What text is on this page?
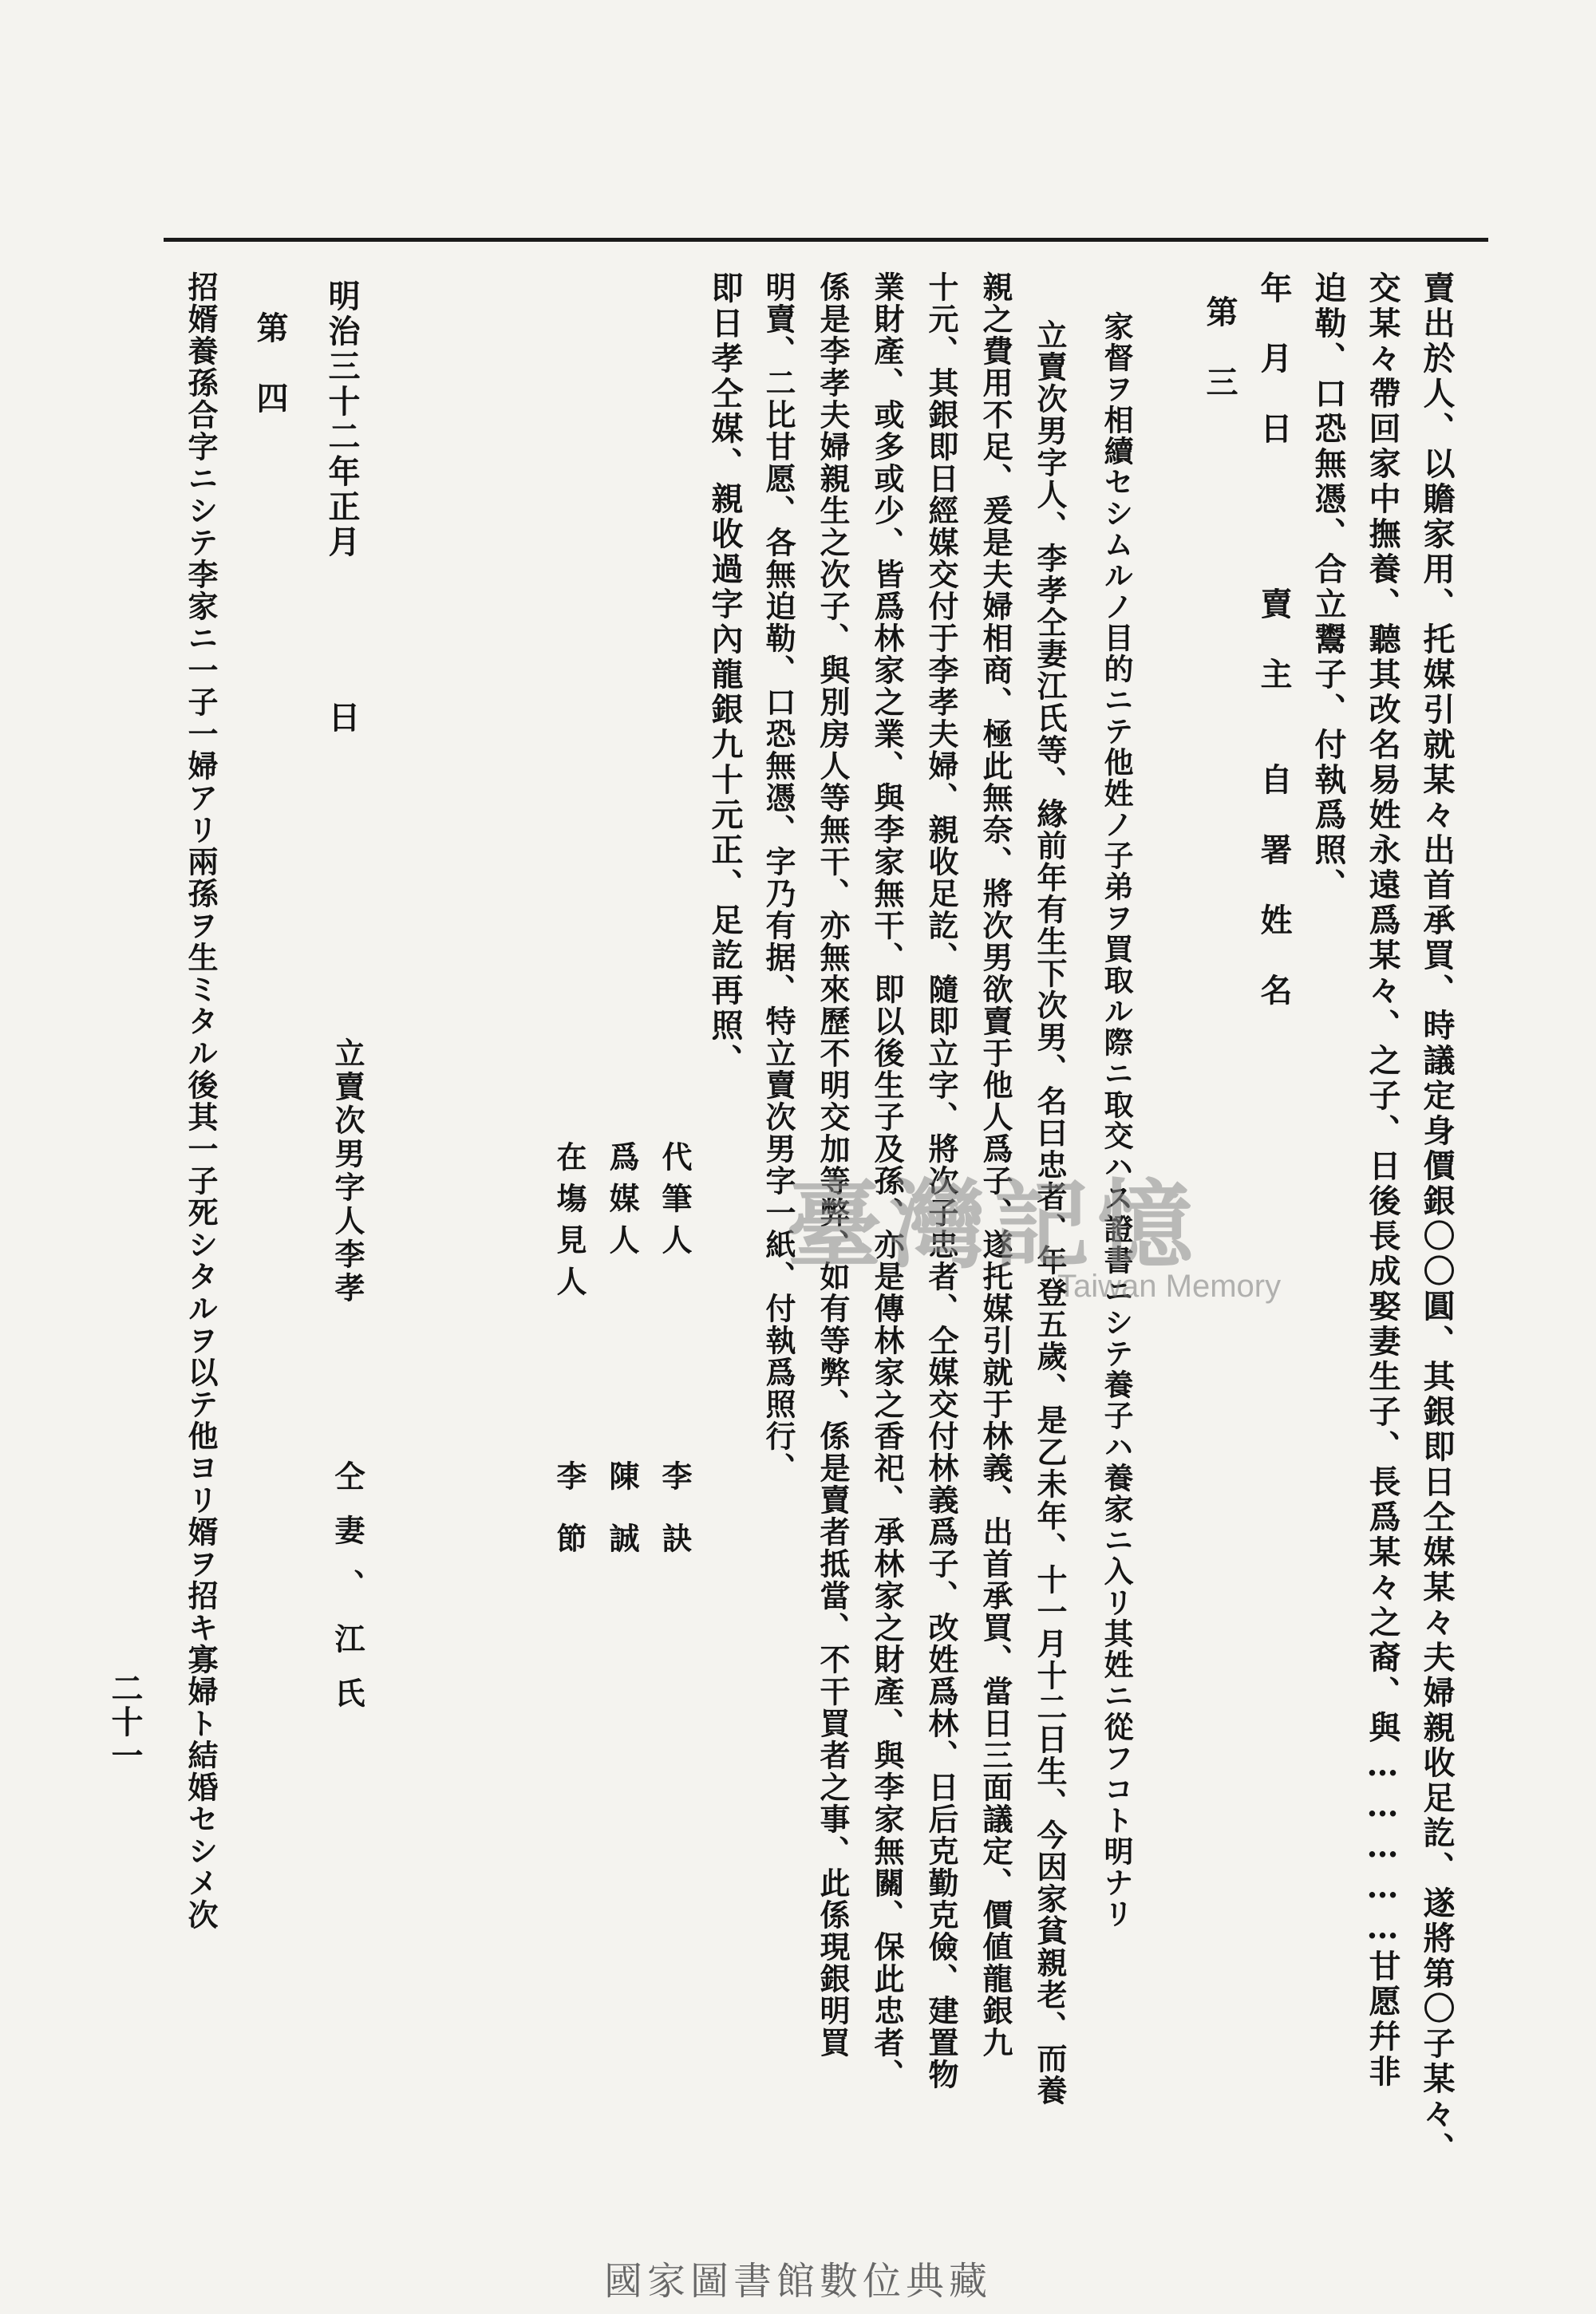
賣出於人、以贍家用、托媒引就某々出首承買、時議定身價銀〇〇圓、其銀即日仝媒某々夫婦親收足訖、遂將第〇子某々、
交某々帶回家中撫養、聽其改名易姓永遠爲某々、之子、日後長成娶妻生子、長爲某々之裔、與……………甘愿幷非
迫勒、口恐無憑、合立鬻子、付執爲照、
年　月　日　　　　賣　主　　自　署　姓　名
第　三
家督ヲ相續セシムルノ目的ニテ他姓ノ子弟ヲ買取ル際ニ取交ハス證書ニシテ養子ハ養家ニ入リ其姓ニ從フコト明ナリ
立賣次男字人、李孝仝妻江氏等、緣前年有生下次男、名曰忠者、年登五歲、是乙未年、十一月十二日生、今因家貧親老、而養
親之費用不足、爰是夫婦相商、極此無奈、將次男欲賣于他人爲子、遂托媒引就于林義、出首承買、當日三面議定、價値龍銀九
十元、其銀即日經媒交付于李孝夫婦、親收足訖、隨即立字、將次子忠者、仝媒交付林義爲子、改姓爲林、日后克勤克儉、建置物
業財產、或多或少、皆爲林家之業、與李家無干、即以後生子及孫、亦是傳林家之香祀、承林家之財產、與李家無關、保此忠者、
係是李孝夫婦親生之次子、與別房人等無干、亦無來歷不明交加等弊、如有等弊、係是賣者抵當、不干買者之事、此係現銀明買
明賣、二比甘愿、各無迫勒、口恐無憑、字乃有据、特立賣次男字一紙、付執爲照行、
即日孝仝媒、親收過字內龍銀九十元正、足訖再照、
代筆人
李訣
爲媒人
陳誠
在塲見人
李節
明治三十二年正月　　　　日
立賣次男字人李孝
仝妻、江氏
第　四
招婿養孫合字ニシテ李家ニ一子一婦アリ兩孫ヲ生ミタル後其一子死シタルヲ以テ他ヨリ婿ヲ招キ寡婦ト結婚セシメ次
二十一
臺灣記憶
Taiwan Memory
國家圖書館數位典藏
